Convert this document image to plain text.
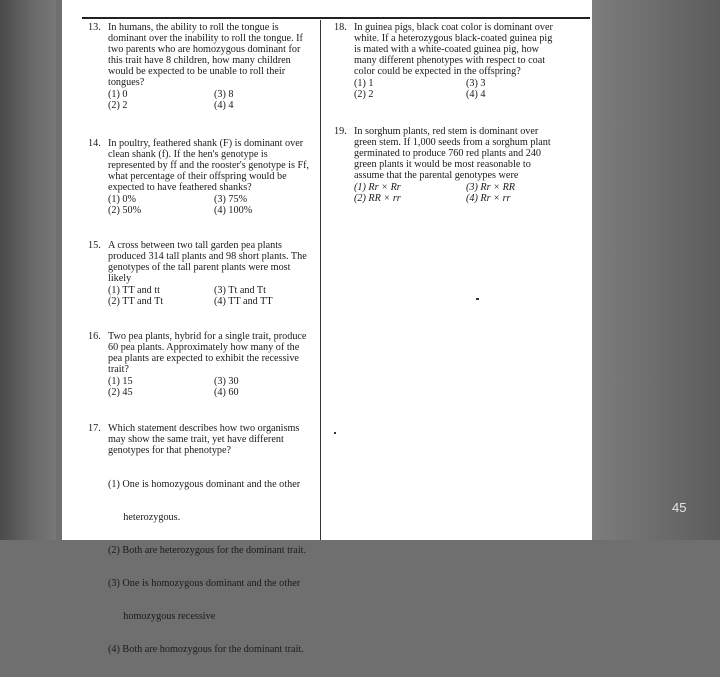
13. In humans, the ability to roll the tongue is
dominant over the inability to roll the tongue. If
two parents who are homozygous dominant for
this trait have 8 children, how many children
would be expected to be unable to roll their
tongues?
(1) 0	(3) 8
(2) 2	(4) 4
14. In poultry, feathered shank (F) is dominant over
clean shank (f). If the hen's genotype is
represented by ff and the rooster's genotype is Ff,
what percentage of their offspring would be
expected to have feathered shanks?
(1) 0%	(3) 75%
(2) 50%	(4) 100%
15. A cross between two tall garden pea plants
produced 314 tall plants and 98 short plants. The
genotypes of the tall parent plants were most
likely
(1) TT and tt	(3) Tt and Tt
(2) TT and Tt	(4) TT and TT
16. Two pea plants, hybrid for a single trait, produce
60 pea plants. Approximately how many of the
pea plants are expected to exhibit the recessive
trait?
(1) 15	(3) 30
(2) 45	(4) 60
17. Which statement describes how two organisms
may show the same trait, yet have different
genotypes for that phenotype?

(1) One is homozygous dominant and the other

heterozygous.

(2) Both are heterozygous for the dominant trait.

(3) One is homozygous dominant and the other

homozygous recessive

(4) Both are homozygous for the dominant trait.

18. In guinea pigs, black coat color is dominant over
white. If a heterozygous black-coated guinea pig
is mated with a white-coated guinea pig, how
many different phenotypes with respect to coat
color could be expected in the offspring?
(1) 1	(3) 3
(2) 2	(4) 4
19. In sorghum plants, red stem is dominant over
green stem. If 1,000 seeds from a sorghum plant
germinated to produce 760 red plants and 240
green plants it would be most reasonable to
assume that the parental genotypes were
(1) Rr × Rr	(3) Rr × RR
(2) RR × rr	(4) Rr × rr
45
